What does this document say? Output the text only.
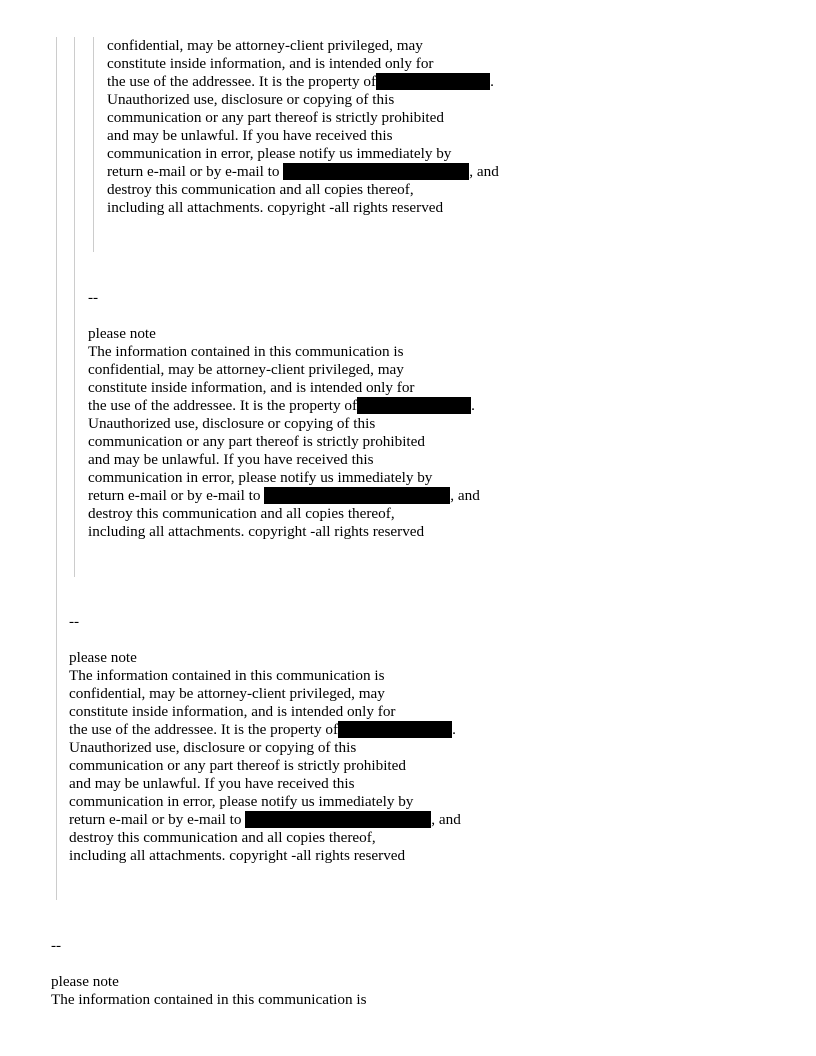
confidential, may be attorney-client privileged, may
constitute inside information, and is intended only for
the use of the addressee. It is the property of	.
Unauthorized use, disclosure or copying of this
communication or any part thereof is strictly prohibited
and may be unlawful. If you have received this
communication in error, please notify us immediately by
return e-mail or by e-mail to	, and
destroy this communication and all copies thereof,
including all attachments. copyright -all rights reserved
--
please note
The information contained in this communication is
confidential, may be attorney-client privileged, may
constitute inside information, and is intended only for
the use of the addressee. It is the property of	.
Unauthorized use, disclosure or copying of this
communication or any part thereof is strictly prohibited
and may be unlawful. If you have received this
communication in error, please notify us immediately by
return e-mail or by e-mail to	, and
destroy this communication and all copies thereof,
including all attachments. copyright -all rights reserved
--
please note
The information contained in this communication is
confidential, may be attorney-client privileged, may
constitute inside information, and is intended only for
the use of the addressee. It is the property of	.
Unauthorized use, disclosure or copying of this
communication or any part thereof is strictly prohibited
and may be unlawful. If you have received this
communication in error, please notify us immediately by
return e-mail or by e-mail to	, and
destroy this communication and all copies thereof,
including all attachments. copyright -all rights reserved
--
please note
The information contained in this communication is
